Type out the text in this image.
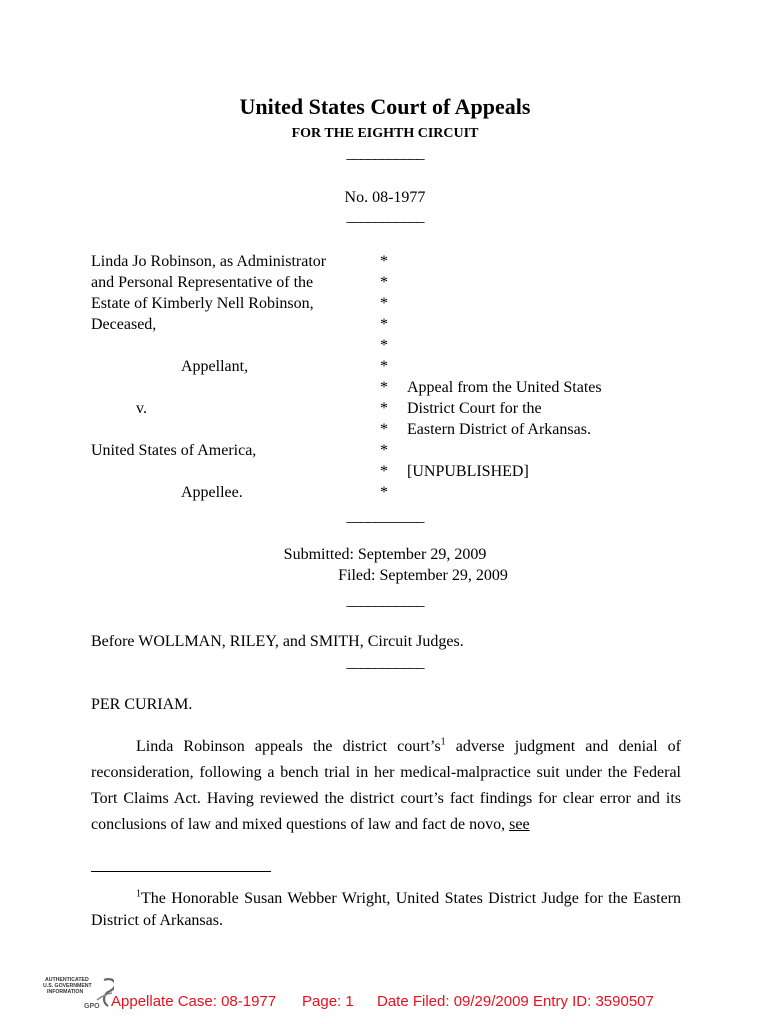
United States Court of Appeals
FOR THE EIGHTH CIRCUIT
___________
No. 08-1977
___________
Linda Jo Robinson, as Administrator
and Personal Representative of the
Estate of Kimberly Nell Robinson,
Deceased,
Appellant,
v.
United States of America,
Appellee.
*
*
*
*
*
*
*
*
*
*
*
*
Appeal from the United States
District Court for the
Eastern District of Arkansas.
[UNPUBLISHED]
___________
Submitted: September 29, 2009
Filed: September 29, 2009
___________
Before WOLLMAN, RILEY, and SMITH, Circuit Judges.
___________
PER CURIAM.
Linda Robinson appeals the district $court’s^1$ adverse judgment and denial of reconsideration, following a bench trial in her medical-malpractice suit under the Federal Tort Claims Act. Having reviewed the district court’s fact findings for clear error and its conclusions of law and mixed questions of law and fact de novo, see
$^1$The Honorable Susan Webber Wright, United States District Judge for the Eastern District of Arkansas.
AUTHENTICATED
U.S. GOVERNMENT
INFORMATION
GPO Appellate Case: 08-1977 Page: 1 Date Filed: 09/29/2009 Entry ID: 3590507
